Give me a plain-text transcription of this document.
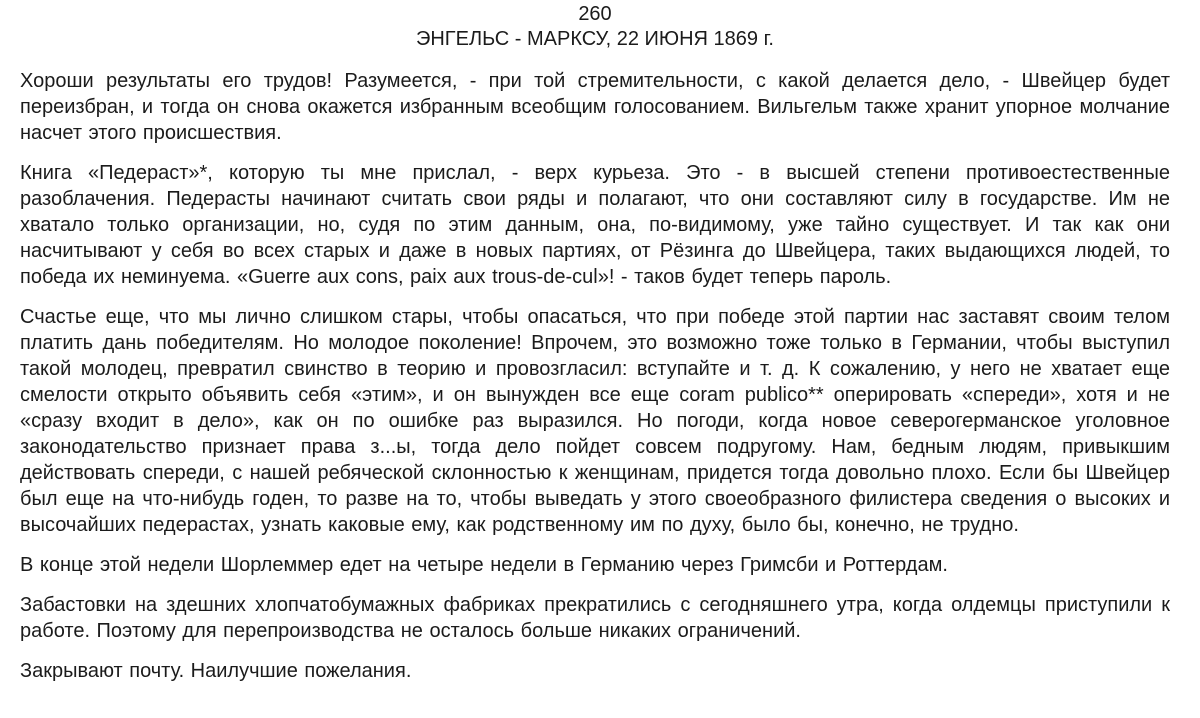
260
ЭНГЕЛЬС - МАРКСУ, 22 ИЮНЯ 1869 г.

Хороши результаты его трудов! Разумеется, - при той стремительности, с какой делается дело, - Швейцер будет переизбран, и тогда он снова окажется избранным всеобщим голосованием. Вильгельм также хранит упорное молчание насчет этого происшествия.

Книга «Педераст»*, которую ты мне прислал, - верх курьеза. Это - в высшей степени противоестественные разоблачения. Педерасты начинают считать свои ряды и полагают, что они составляют силу в государстве. Им не хватало только организации, но, судя по этим данным, она, по-видимому, уже тайно существует. И так как они насчитывают у себя во всех старых и даже в новых партиях, от Рёзинга до Швейцера, таких выдающихся людей, то победа их неминуема. «Guerre aux cons, paix aux trous-de-cul»! - таков будет теперь пароль.

Счастье еще, что мы лично слишком стары, чтобы опасаться, что при победе этой партии нас заставят своим телом платить дань победителям. Но молодое поколение! Впрочем, это возможно тоже только в Германии, чтобы выступил такой молодец, превратил свинство в теорию и провозгласил: вступайте и т. д. К сожалению, у него не хватает еще смелости открыто объявить себя «этим», и он вынужден все еще coram publico** оперировать «спереди», хотя и не «сразу входит в дело», как он по ошибке раз выразился. Но погоди, когда новое северогерманское уголовное законодательство признает права з...ы, тогда дело пойдет совсем подругому. Нам, бедным людям, привыкшим действовать спереди, с нашей ребяческой склонностью к женщинам, придется тогда довольно плохо. Если бы Швейцер был еще на что-нибудь годен, то разве на то, чтобы выведать у этого своеобразного филистера сведения о высоких и высочайших педерастах, узнать каковые ему, как родственному им по духу, было бы, конечно, не трудно.

В конце этой недели Шорлеммер едет на четыре недели в Германию через Гримсби и Роттердам.

Забастовки на здешних хлопчатобумажных фабриках прекратились с сегодняшнего утра, когда олдемцы приступили к работе. Поэтому для перепроизводства не осталось больше никаких ограничений.

Закрывают почту. Наилучшие пожелания.
